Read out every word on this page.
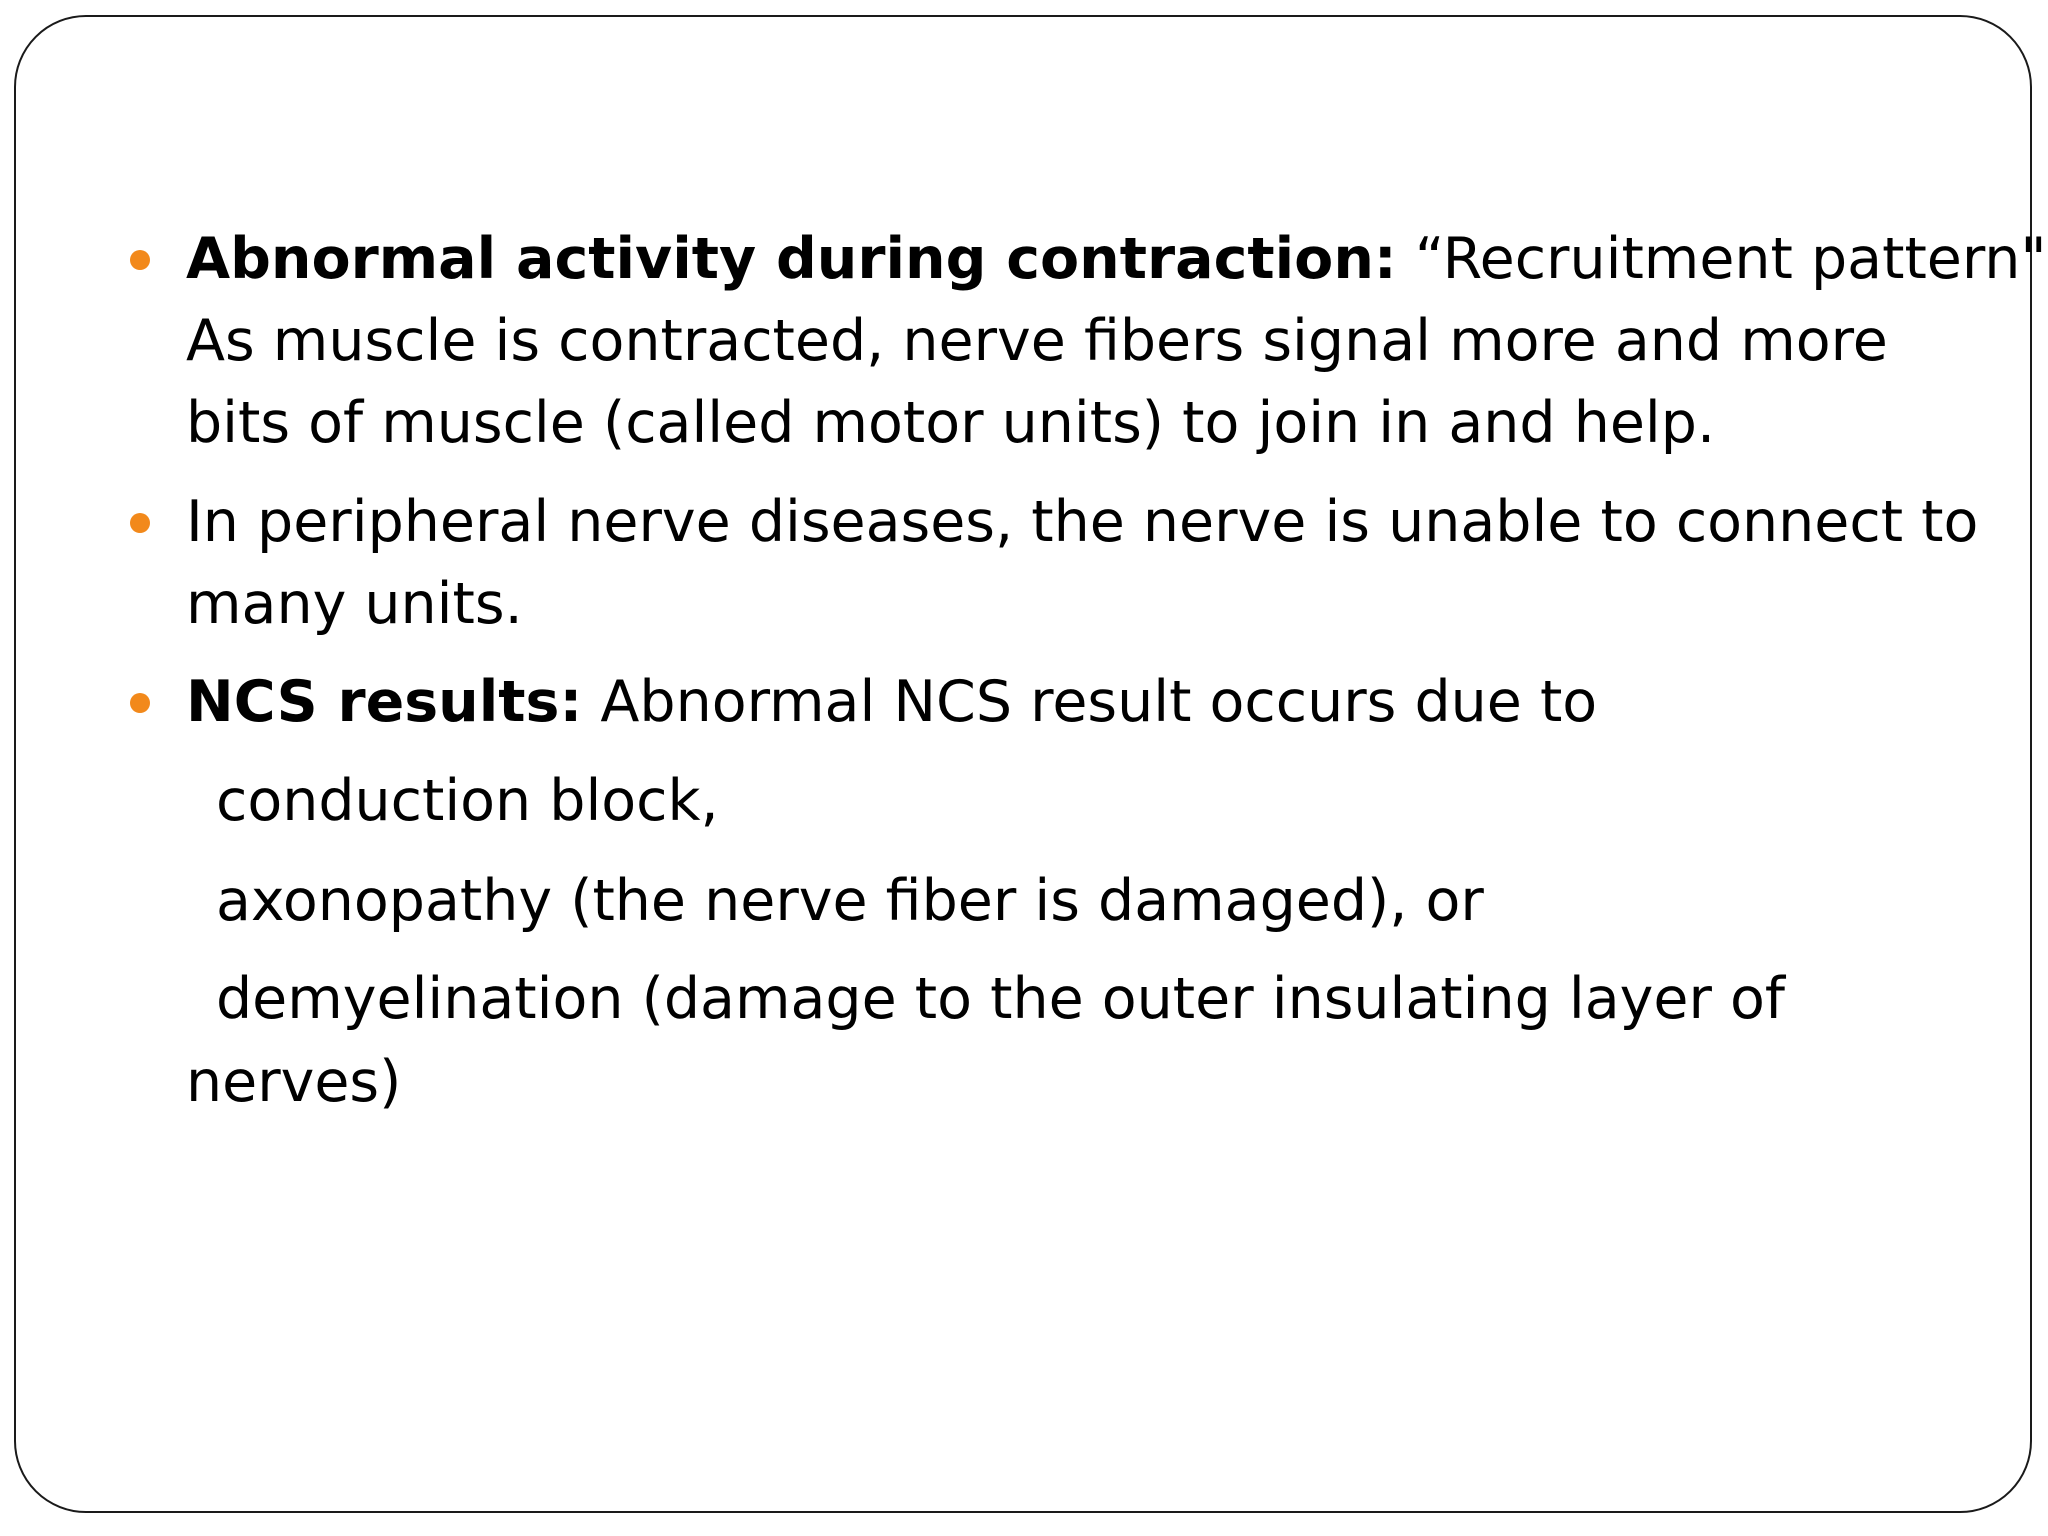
Abnormal activity during contraction: “Recruitment pattern"
As muscle is contracted, nerve fibers signal more and more
bits of muscle (called motor units) to join in and help.
In peripheral nerve diseases, the nerve is unable to connect to
many units.
NCS results: Abnormal NCS result occurs due to
conduction block,
axonopathy (the nerve fiber is damaged), or
demyelination (damage to the outer insulating layer of
nerves)
